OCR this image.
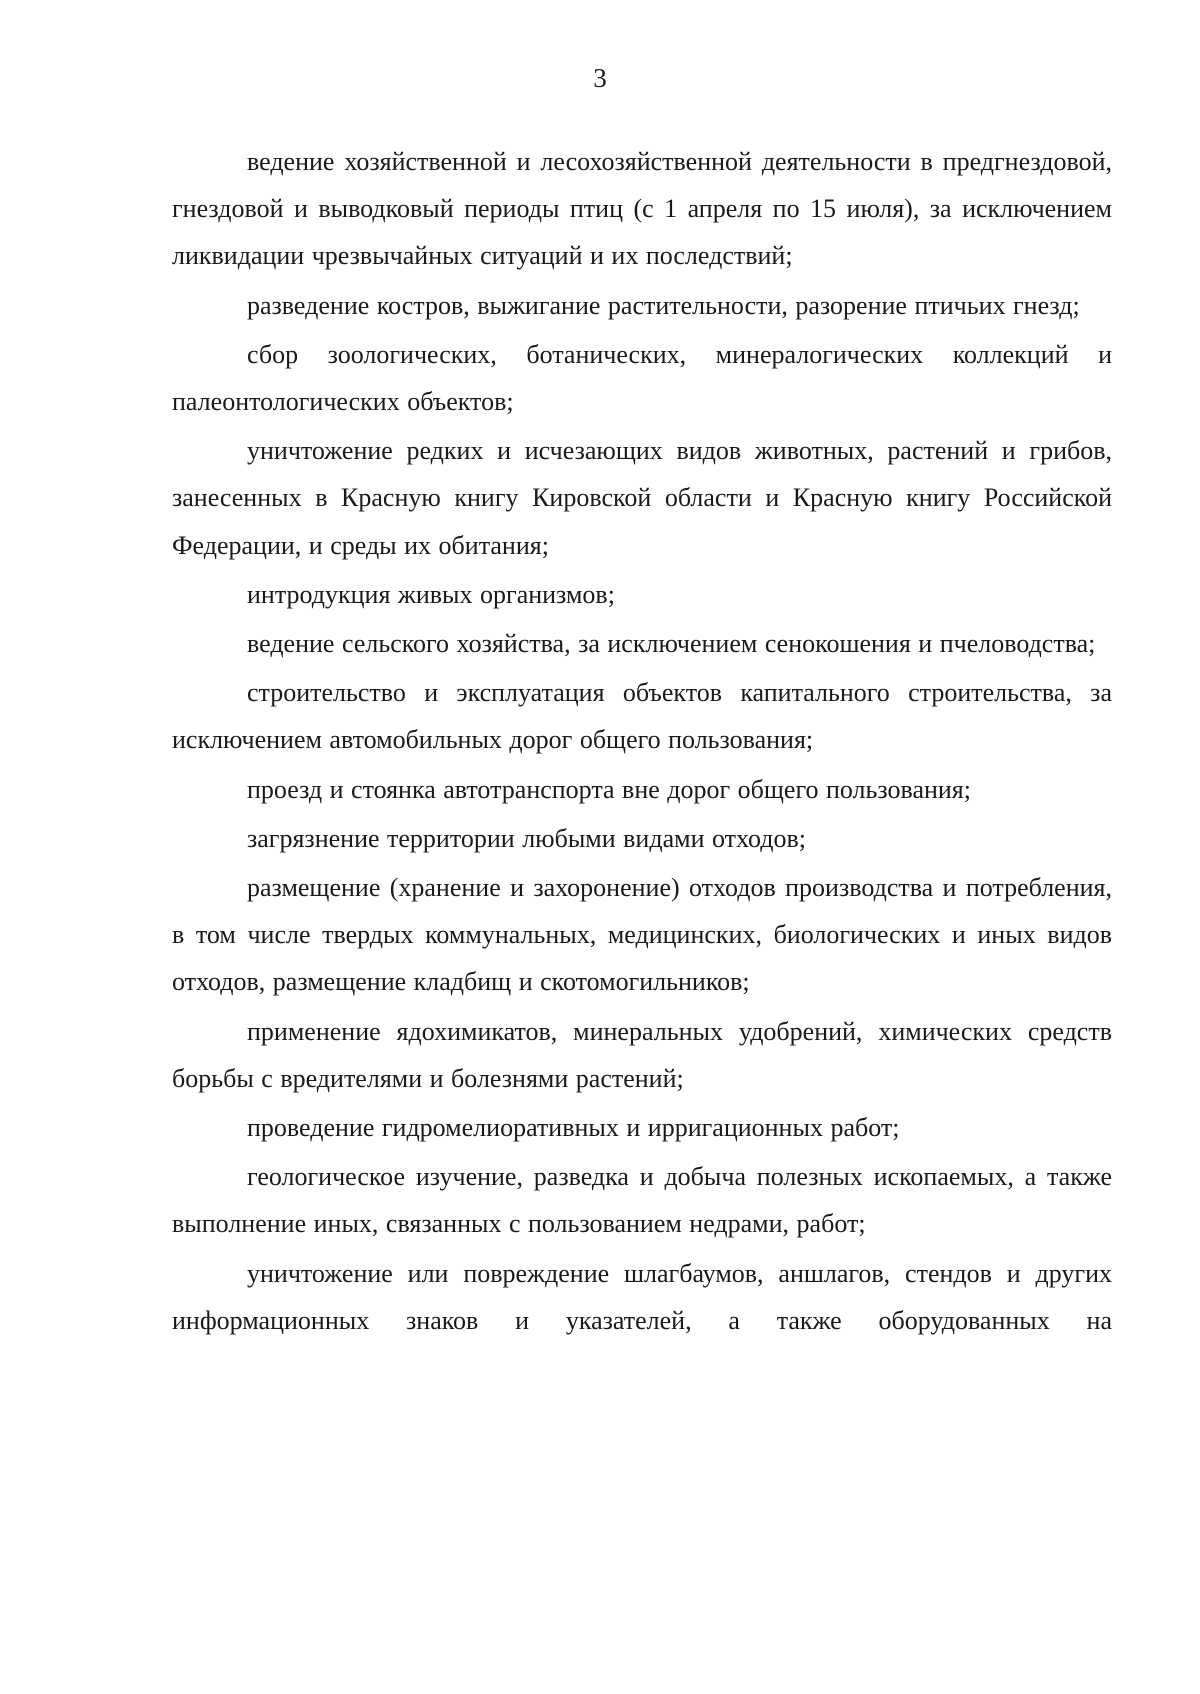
3

ведение хозяйственной и лесохозяйственной деятельности в предгнездовой, гнездовой и выводковый периоды птиц (с 1 апреля по 15 июля), за исключением ликвидации чрезвычайных ситуаций и их последствий;

разведение костров, выжигание растительности, разорение птичьих гнезд;

сбор зоологических, ботанических, минералогических коллекций и палеонтологических объектов;

уничтожение редких и исчезающих видов животных, растений и грибов, занесенных в Красную книгу Кировской области и Красную книгу Российской Федерации, и среды их обитания;

интродукция живых организмов;

ведение сельского хозяйства, за исключением сенокошения и пчеловодства;

строительство и эксплуатация объектов капитального строительства, за исключением автомобильных дорог общего пользования;

проезд и стоянка автотранспорта вне дорог общего пользования;

загрязнение территории любыми видами отходов;

размещение (хранение и захоронение) отходов производства и потребления, в том числе твердых коммунальных, медицинских, биологических и иных видов отходов, размещение кладбищ и скотомогильников;

применение ядохимикатов, минеральных удобрений, химических средств борьбы с вредителями и болезнями растений;

проведение гидромелиоративных и ирригационных работ;

геологическое изучение, разведка и добыча полезных ископаемых, а также выполнение иных, связанных с пользованием недрами, работ;

уничтожение или повреждение шлагбаумов, аншлагов, стендов и других информационных знаков и указателей, а также оборудованных на
